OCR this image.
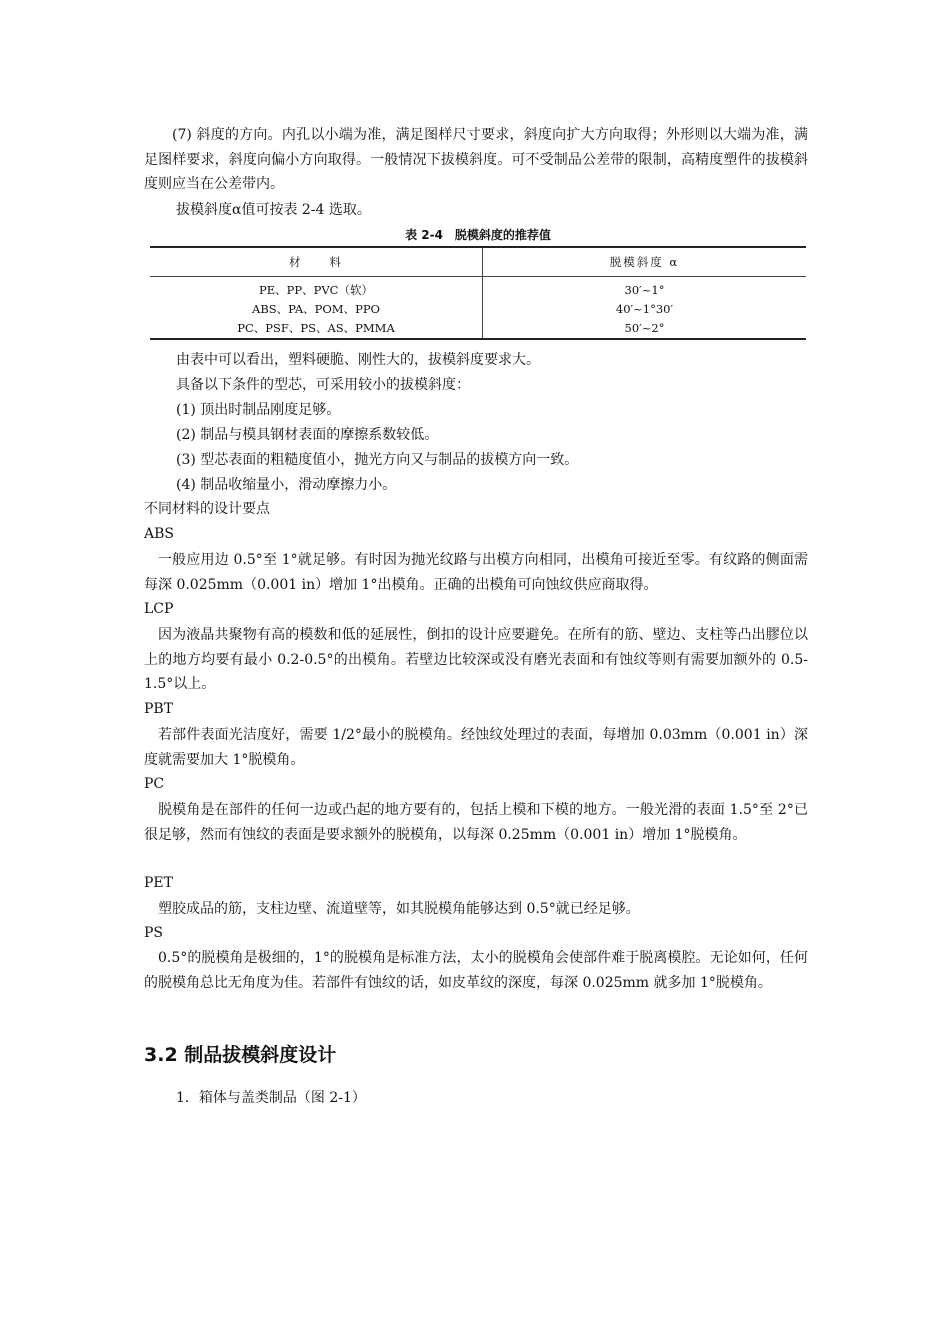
(7) 斜度的方向。内孔以小端为准，满足图样尺寸要求，斜度向扩大方向取得；外形则以大端为准，满足图样要求，斜度向偏小方向取得。一般情况下拔模斜度。可不受制品公差带的限制，高精度塑件的拔模斜度则应当在公差带内。

拔模斜度α值可按表 2-4 选取。

表 2-4　脱模斜度的推荐值
材　　料	脱模斜度 α
PE、PP、PVC（软）	30′~1°
ABS、PA、POM、PPO	40′~1°30′
PC、PSF、PS、AS、PMMA	50′~2°

由表中可以看出，塑料硬脆、刚性大的，拔模斜度要求大。

具备以下条件的型芯，可采用较小的拔模斜度：

(1) 顶出时制品刚度足够。

(2) 制品与模具钢材表面的摩擦系数较低。

(3) 型芯表面的粗糙度值小，抛光方向又与制品的拔模方向一致。

(4) 制品收缩量小，滑动摩擦力小。

不同材料的设计要点

ABS

一般应用边 0.5°至 1°就足够。有时因为抛光纹路与出模方向相同，出模角可接近至零。有纹路的侧面需每深 0.025mm（0.001 in）增加 1°出模角。正确的出模角可向蚀纹供应商取得。

LCP

因为液晶共聚物有高的模数和低的延展性，倒扣的设计应要避免。在所有的筋、壁边、支柱等凸出膠位以上的地方均要有最小 0.2-0.5°的出模角。若壁边比较深或没有磨光表面和有蚀纹等则有需要加额外的 0.5-1.5°以上。

PBT

若部件表面光洁度好，需要 1/2°最小的脱模角。经蚀纹处理过的表面，每增加 0.03mm（0.001 in）深度就需要加大 1°脱模角。

PC

脱模角是在部件的任何一边或凸起的地方要有的，包括上模和下模的地方。一般光滑的表面 1.5°至 2°已很足够，然而有蚀纹的表面是要求额外的脱模角，以每深 0.25mm（0.001 in）增加 1°脱模角。

PET

塑胶成品的筋，支柱边壁、流道壁等，如其脱模角能够达到 0.5°就已经足够。

PS

0.5°的脱模角是极细的，1°的脱模角是标准方法，太小的脱模角会使部件难于脱离模腔。无论如何，任何的脱模角总比无角度为佳。若部件有蚀纹的话，如皮革纹的深度，每深 0.025mm 就多加 1°脱模角。

3.2 制品拔模斜度设计

1．箱体与盖类制品（图 2-1）
